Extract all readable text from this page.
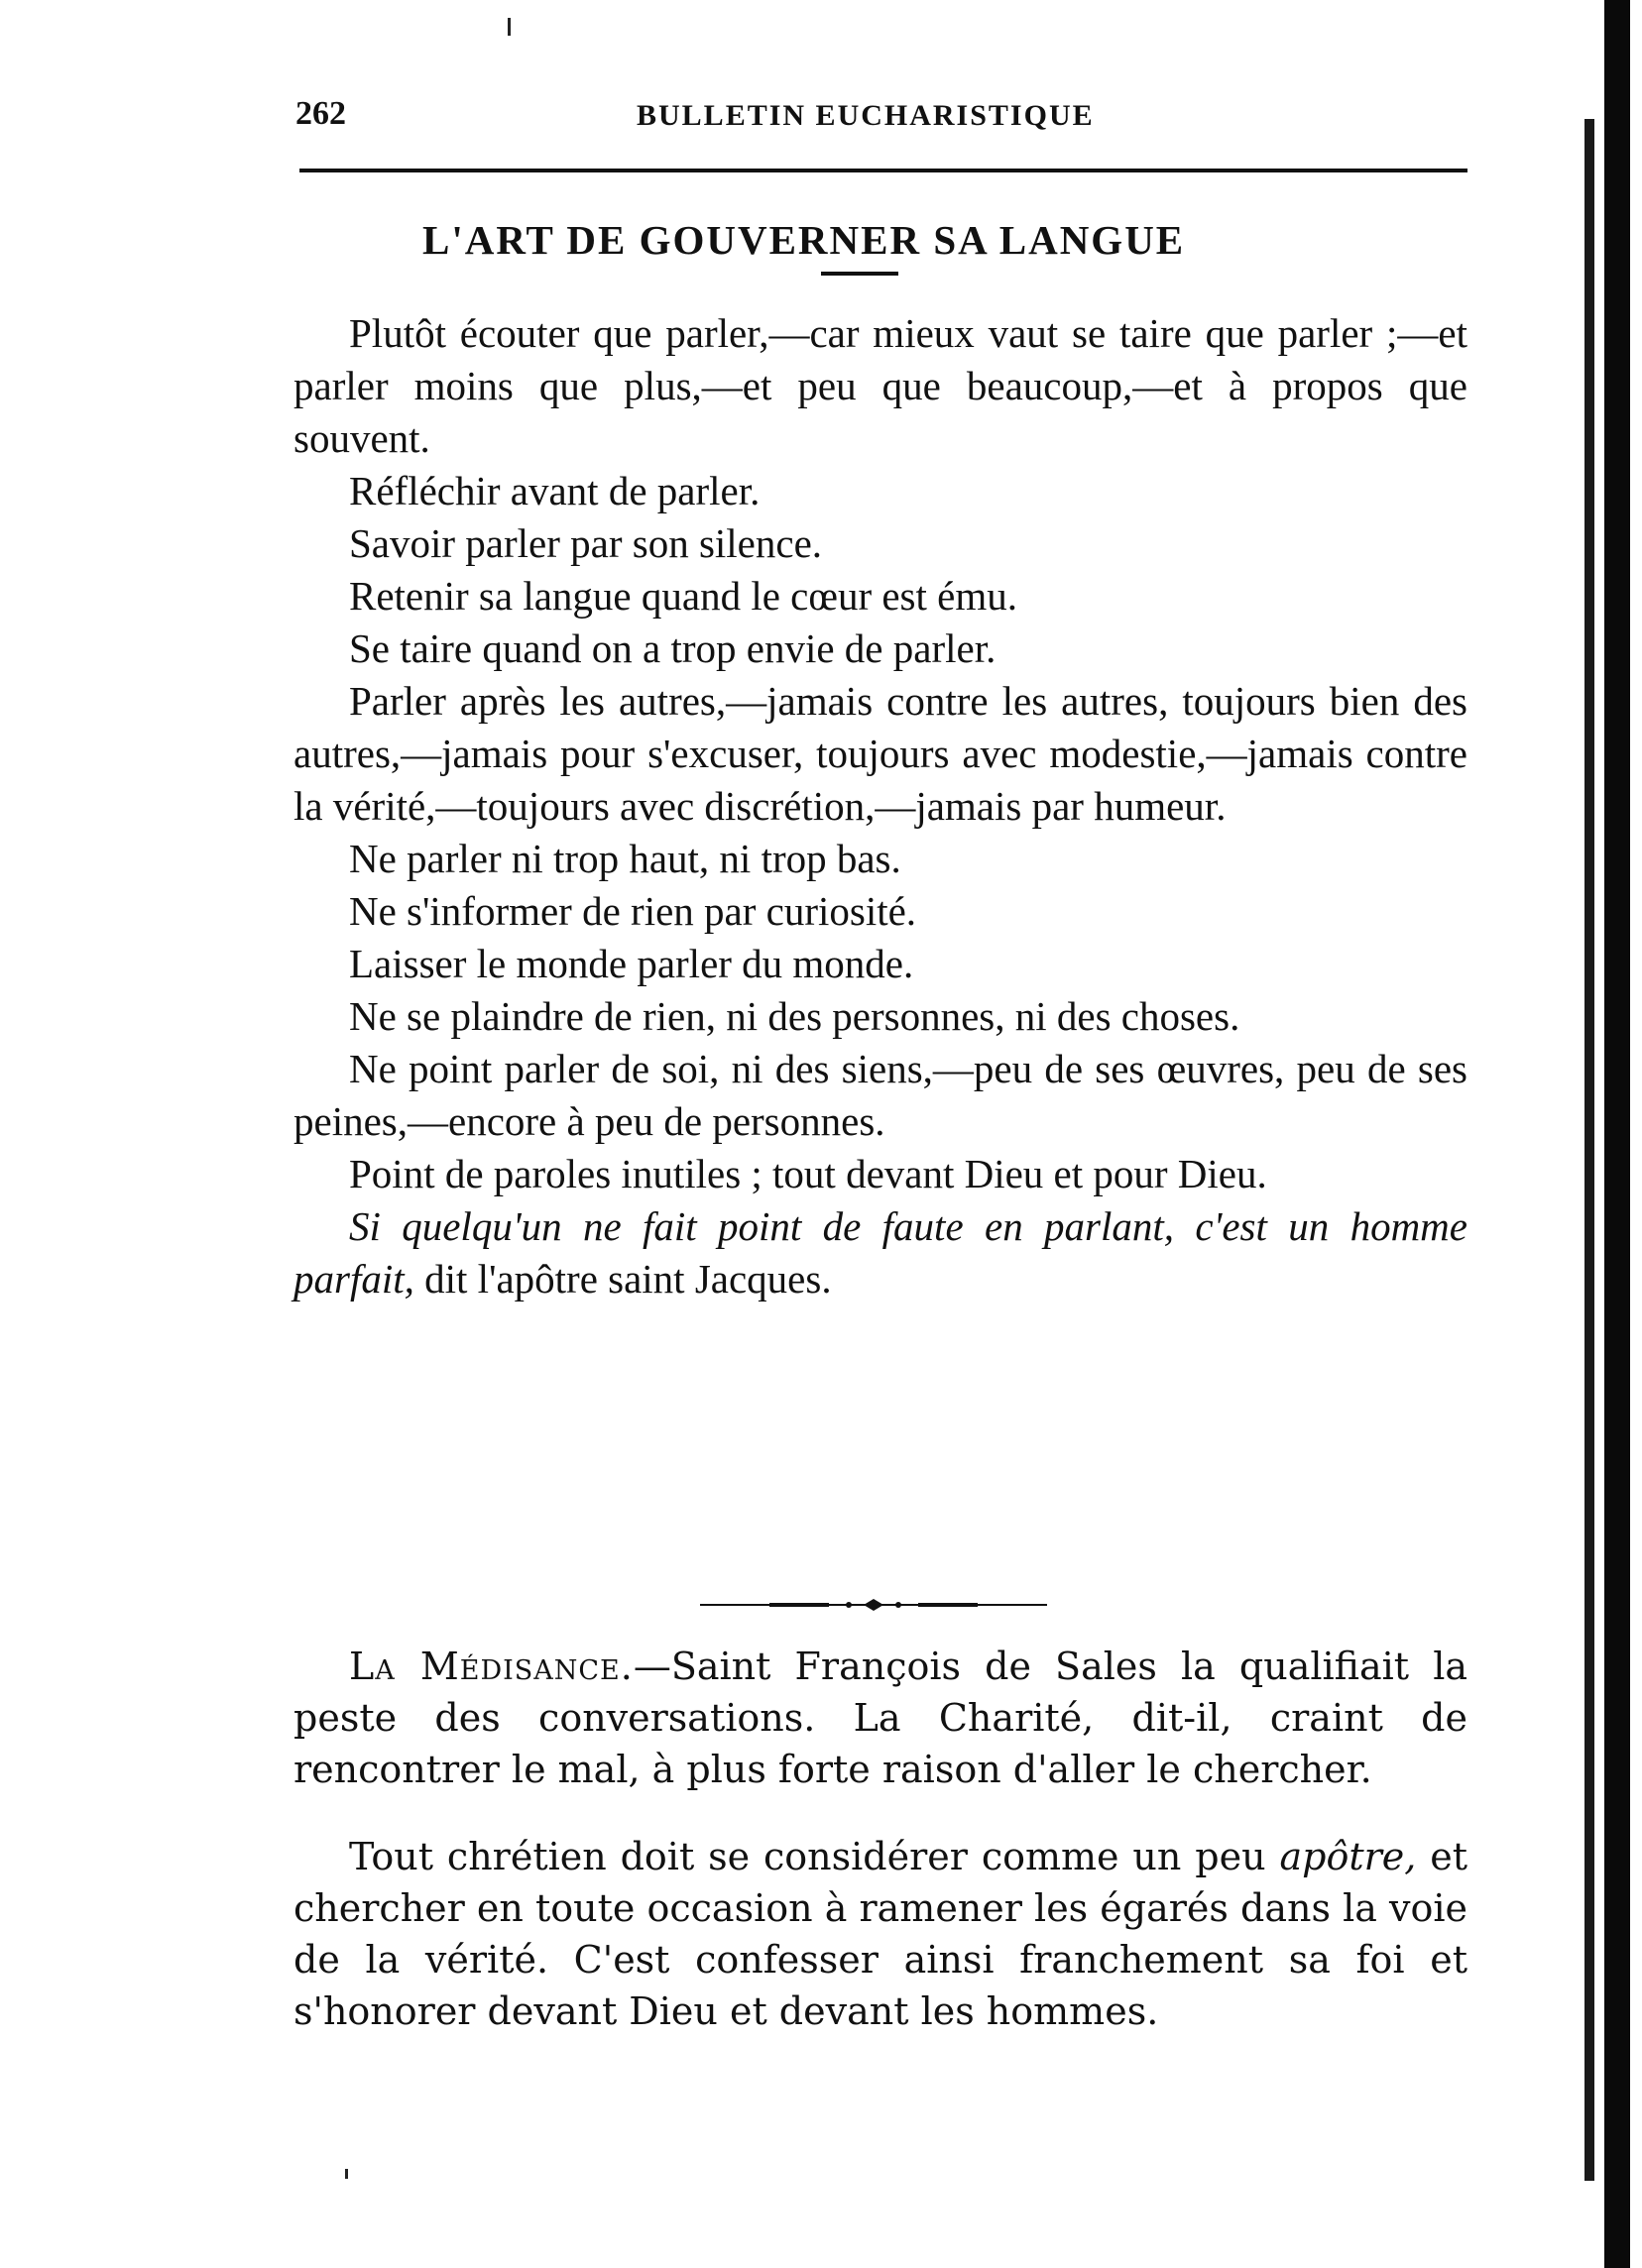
262	BULLETIN EUCHARISTIQUE
L'ART DE GOUVERNER SA LANGUE

Plutôt écouter que parler,—car mieux vaut se taire que parler ;—et parler moins que plus,—et peu que beaucoup,—et à propos que souvent.

Réfléchir avant de parler.

Savoir parler par son silence.

Retenir sa langue quand le cœur est ému.

Se taire quand on a trop envie de parler.

Parler après les autres,—jamais contre les autres, toujours bien des autres,—jamais pour s'excuser, toujours avec modestie,—jamais contre la vérité,—toujours avec discrétion,—jamais par humeur.

Ne parler ni trop haut, ni trop bas.

Ne s'informer de rien par curiosité.

Laisser le monde parler du monde.

Ne se plaindre de rien, ni des personnes, ni des choses.

Ne point parler de soi, ni des siens,—peu de ses œuvres, peu de ses peines,—encore à peu de personnes.

Point de paroles inutiles ; tout devant Dieu et pour Dieu.

Si quelqu'un ne fait point de faute en parlant, c'est un homme parfait, dit l'apôtre saint Jacques.

La Médisance.—Saint François de Sales la qualifiait la peste des conversations. La Charité, dit-il, craint de rencontrer le mal, à plus forte raison d'aller le chercher.

Tout chrétien doit se considérer comme un peu apôtre, et chercher en toute occasion à ramener les égarés dans la voie de la vérité. C'est confesser ainsi franchement sa foi et s'honorer devant Dieu et devant les hommes.
